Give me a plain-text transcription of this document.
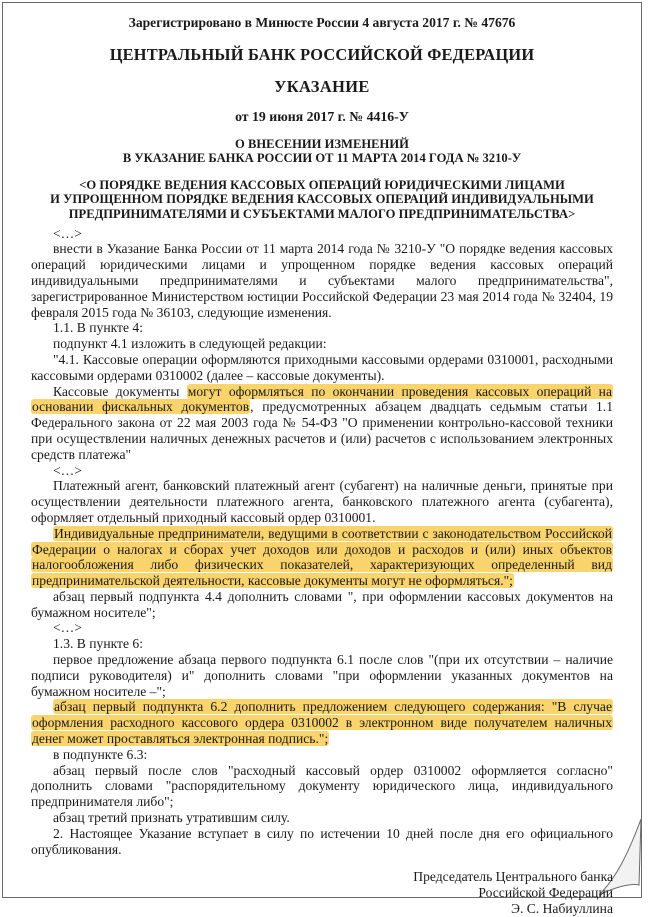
Зарегистрировано в Минюсте России 4 августа 2017 г. № 47676
ЦЕНТРАЛЬНЫЙ БАНК РОССИЙСКОЙ ФЕДЕРАЦИИ
УКАЗАНИЕ
от 19 июня 2017 г. № 4416-У
О ВНЕСЕНИИ ИЗМЕНЕНИЙ
В УКАЗАНИЕ БАНКА РОССИИ ОТ 11 МАРТА 2014 ГОДА № 3210-У
<О ПОРЯДКЕ ВЕДЕНИЯ КАССОВЫХ ОПЕРАЦИЙ ЮРИДИЧЕСКИМИ ЛИЦАМИ
И УПРОЩЕННОМ ПОРЯДКЕ ВЕДЕНИЯ КАССОВЫХ ОПЕРАЦИЙ ИНДИВИДУАЛЬНЫМИ
ПРЕДПРИНИМАТЕЛЯМИ И СУБЪЕКТАМИ МАЛОГО ПРЕДПРИНИМАТЕЛЬСТВА>

<…>

внести в Указание Банка России от 11 марта 2014 года № 3210-У "О порядке ведения кассовых операций юридическими лицами и упрощенном порядке ведения кассовых операций индивидуальными предпринимателями и субъектами малого предпринимательства", зарегистрированное Министерством юстиции Российской Федерации 23 мая 2014 года № 32404, 19 февраля 2015 года № 36103, следующие изменения.

1.1. В пункте 4:

подпункт 4.1 изложить в следующей редакции:

"4.1. Кассовые операции оформляются приходными кассовыми ордерами 0310001, расходными кассовыми ордерами 0310002 (далее – кассовые документы).

Кассовые документы могут оформляться по окончании проведения кассовых операций на основании фискальных документов, предусмотренных абзацем двадцать седьмым статьи 1.1 Федерального закона от 22 мая 2003 года № 54-ФЗ "О применении контрольно-кассовой техники при осуществлении наличных денежных расчетов и (или) расчетов с использованием электронных средств платежа"

<…>

Платежный агент, банковский платежный агент (субагент) на наличные деньги, принятые при осуществлении деятельности платежного агента, банковского платежного агента (субагента), оформляет отдельный приходный кассовый ордер 0310001.

Индивидуальные предприниматели, ведущими в соответствии с законодательством Российской Федерации о налогах и сборах учет доходов или доходов и расходов и (или) иных объектов налогообложения либо физических показателей, характеризующих определенный вид предпринимательской деятельности, кассовые документы могут не оформляться.";

абзац первый подпункта 4.4 дополнить словами ", при оформлении кассовых документов на бумажном носителе";

<…>

1.3. В пункте 6:

первое предложение абзаца первого подпункта 6.1 после слов "(при их отсутствии – наличие подписи руководителя) и" дополнить словами "при оформлении указанных документов на бумажном носителе –";

абзац первый подпункта 6.2 дополнить предложением следующего содержания: "В случае оформления расходного кассового ордера 0310002 в электронном виде получателем наличных денег может проставляться электронная подпись.";

в подпункте 6.3:

абзац первый после слов "расходный кассовый ордер 0310002 оформляется согласно" дополнить словами "распорядительному документу юридического лица, индивидуального предпринимателя либо";

абзац третий признать утратившим силу.

2. Настоящее Указание вступает в силу по истечении 10 дней после дня его официального опубликования.

Председатель Центрального банка
Российской Федерации
Э. С. Набиуллина
